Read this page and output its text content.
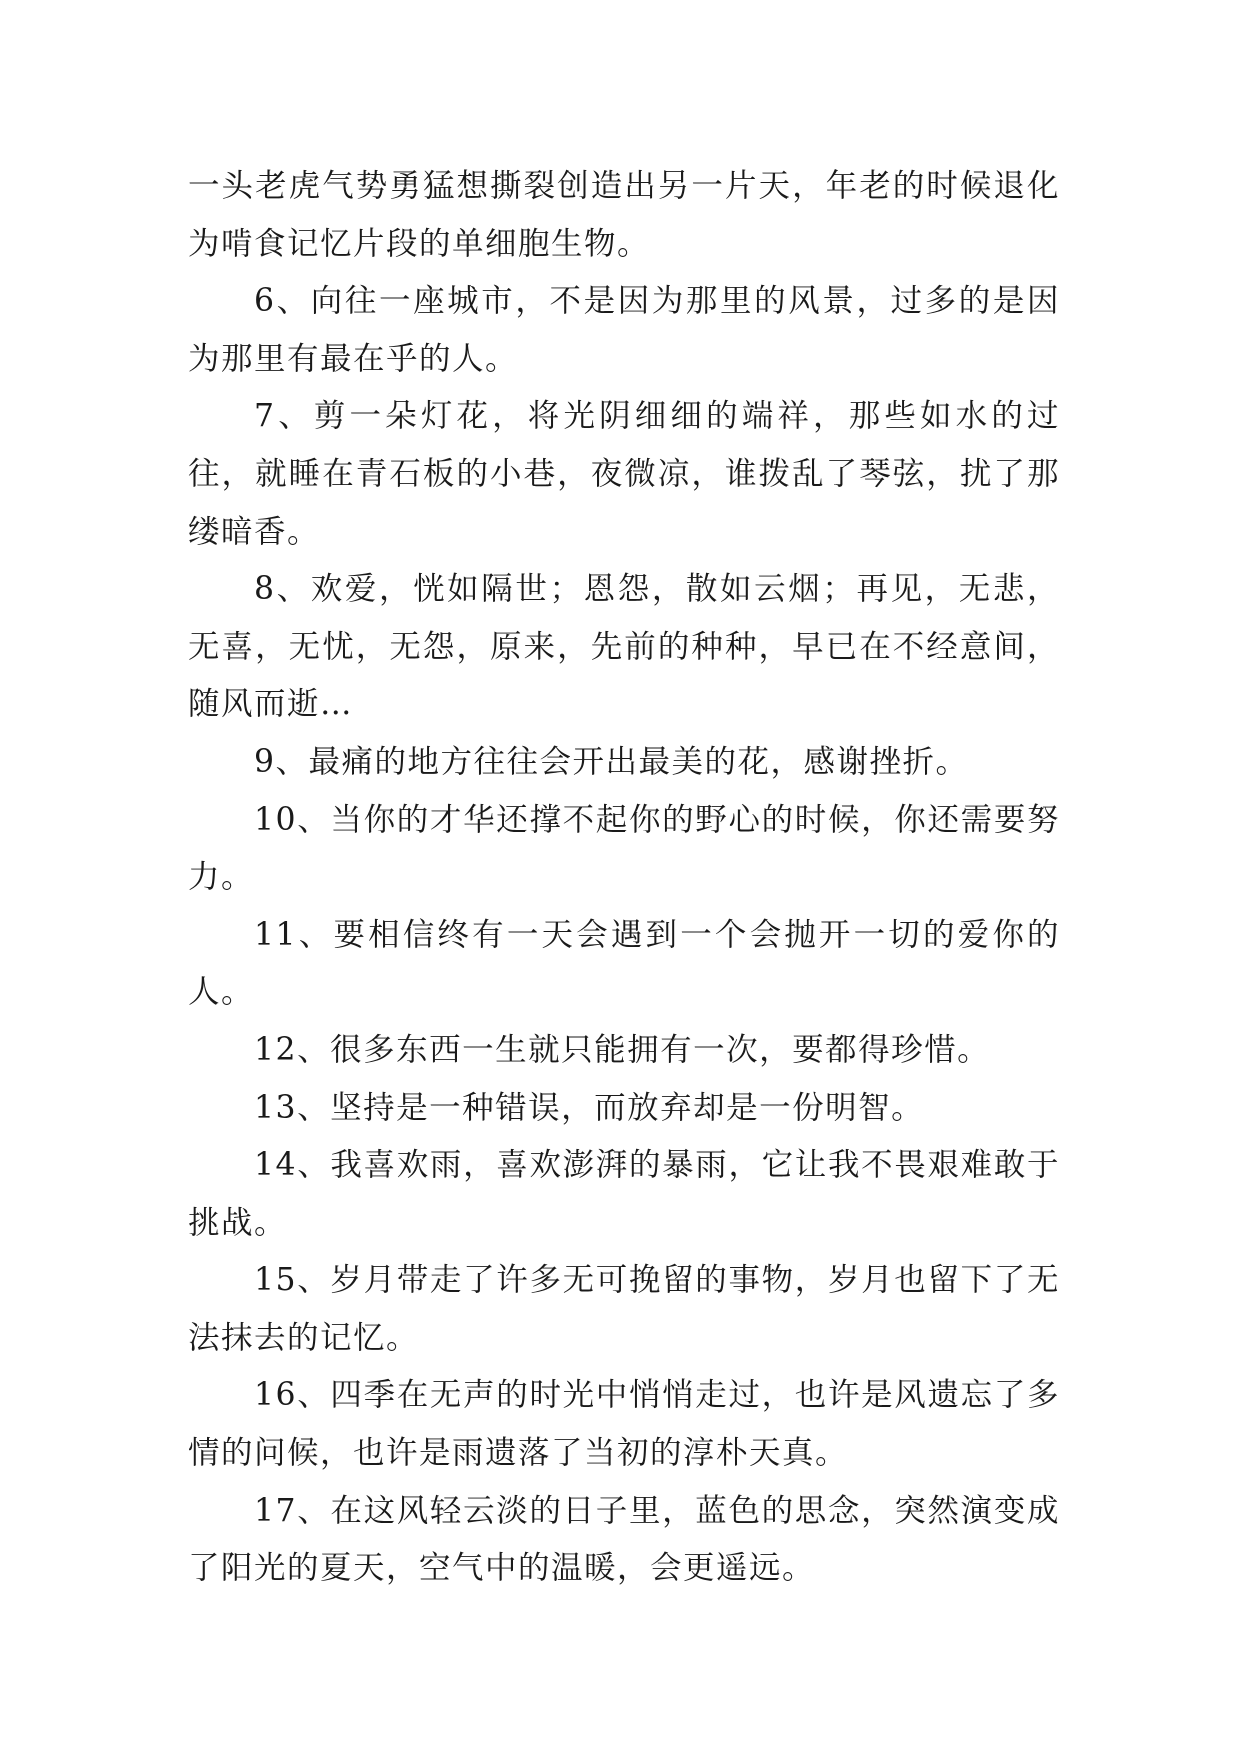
一头老虎气势勇猛想撕裂创造出另一片天，年老的时候退化为啃食记忆片段的单细胞生物。

6、向往一座城市，不是因为那里的风景，过多的是因为那里有最在乎的人。

7、剪一朵灯花，将光阴细细的端祥，那些如水的过往，就睡在青石板的小巷，夜微凉，谁拨乱了琴弦，扰了那缕暗香。

8、欢爱，恍如隔世；恩怨，散如云烟；再见，无悲，无喜，无忧，无怨，原来，先前的种种，早已在不经意间，随风而逝…

9、最痛的地方往往会开出最美的花，感谢挫折。

10、当你的才华还撑不起你的野心的时候，你还需要努力。

11、要相信终有一天会遇到一个会抛开一切的爱你的人。

12、很多东西一生就只能拥有一次，要都得珍惜。

13、坚持是一种错误，而放弃却是一份明智。

14、我喜欢雨，喜欢澎湃的暴雨，它让我不畏艰难敢于挑战。

15、岁月带走了许多无可挽留的事物，岁月也留下了无法抹去的记忆。

16、四季在无声的时光中悄悄走过，也许是风遗忘了多情的问候，也许是雨遗落了当初的淳朴天真。

17、在这风轻云淡的日子里，蓝色的思念，突然演变成了阳光的夏天，空气中的温暖，会更遥远。
